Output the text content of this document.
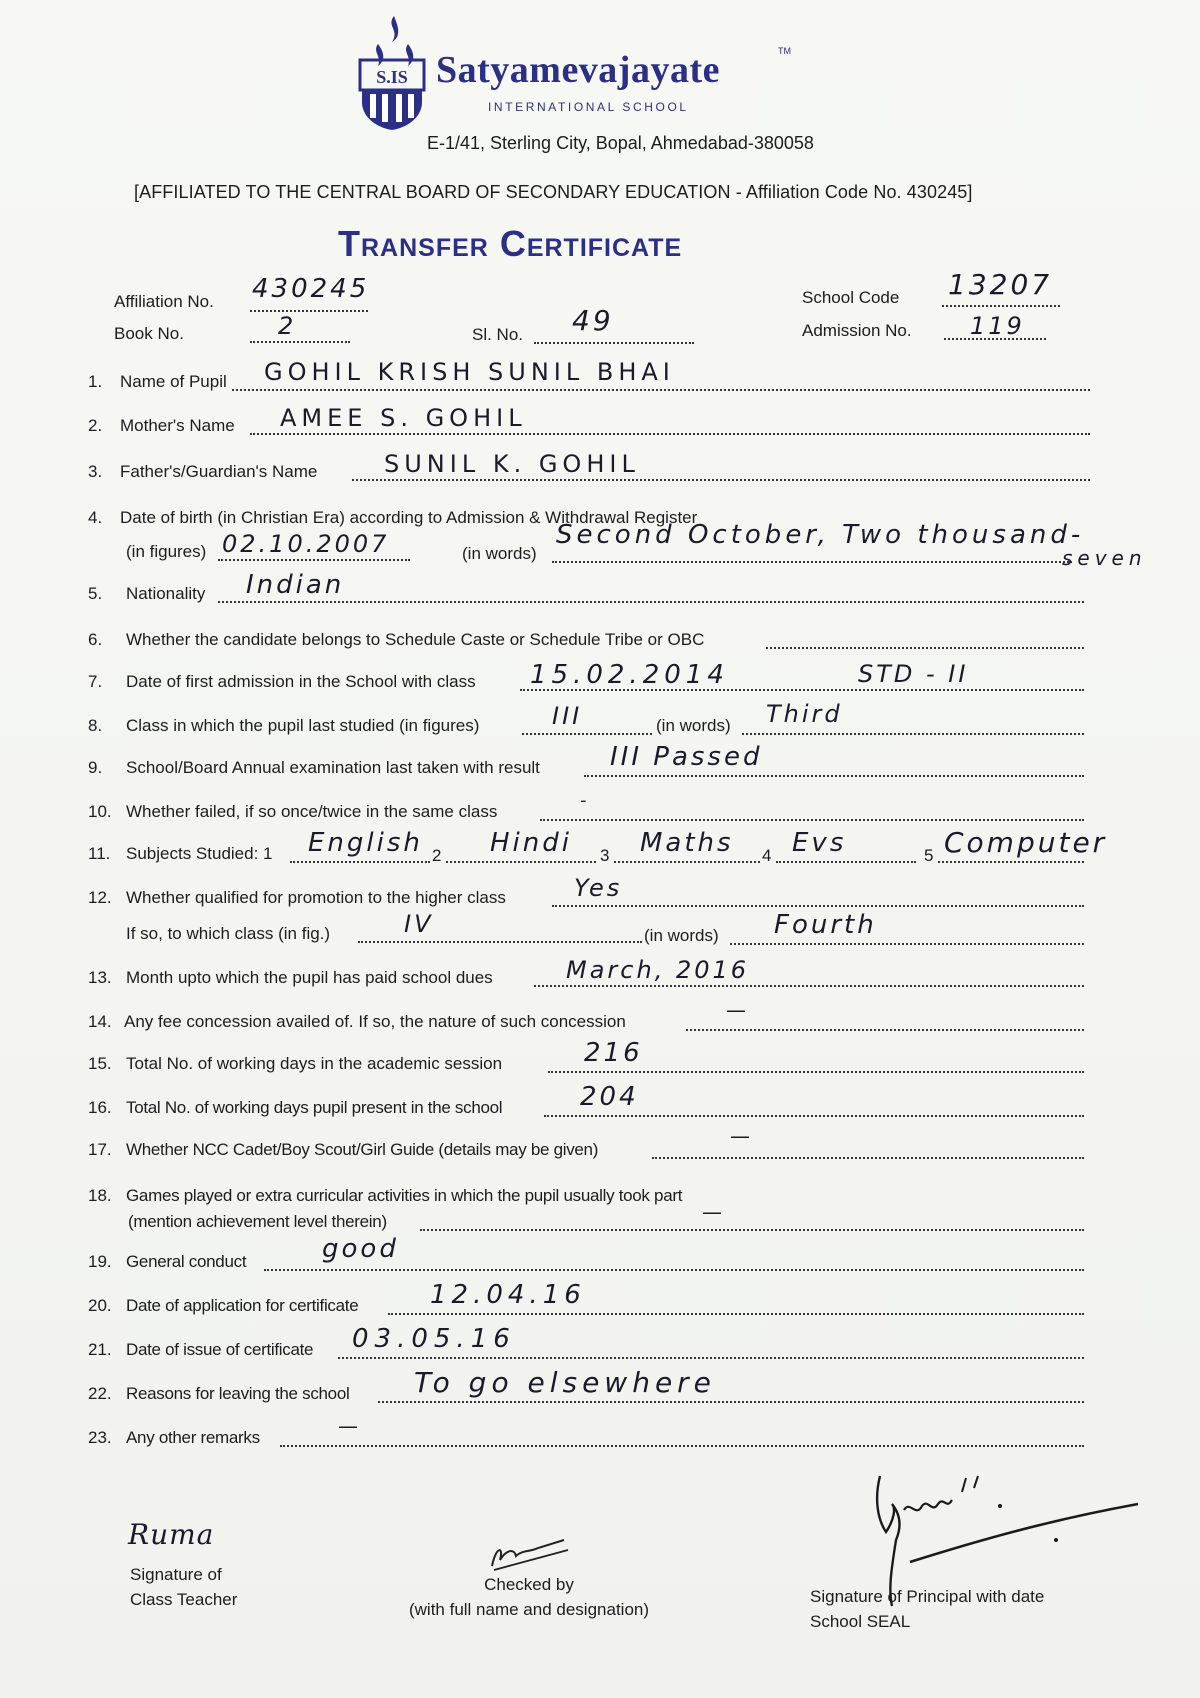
S.IS Satyamevajayate	TM
INTERNATIONAL SCHOOL
E-1/41, Sterling City, Bopal, Ahmedabad-380058
[AFFILIATED TO THE CENTRAL BOARD OF SECONDARY EDUCATION - Affiliation Code No. 430245]
Transfer Certificate
Affiliation No. 430245
Book No.	2	Sl. No. 49
School Code 13207
Admission No. 119
1. Name of Pupil GOHIL KRISH SUNIL BHAI
2. Mother's Name AMEE S. GOHIL
3. Father's/Guardian's Name	SUNIL K. GOHIL
4. Date of birth (in Christian Era) according to Admission & Withdrawal Register
(in figures) 02.10.2007	(in words)
Second October, Two thousand-
seven
5. Nationality Indian
6. Whether the candidate belongs to Schedule Caste or Schedule Tribe or OBC
7. Date of first admission in the School with class 15.02.2014	STD - II
8. Class in which the pupil last studied (in figures)	III	(in words) Third
9. School/Board Annual examination last taken with result	III Passed
10. Whether failed, if so once/twice in the same class
-
11. Subjects Studied: 1 English 2 Hindi 3 Maths 4 Evs	5 Computer
12. Whether qualified for promotion to the higher class	Yes
If so, to which class (in fig.)	IV	(in words) Fourth
13. Month upto which the pupil has paid school dues	March, 2016
14. Any fee concession availed of. If so, the nature of such concession	—
15. Total No. of working days in the academic session	216
16. Total No. of working days pupil present in the school	204
17. Whether NCC Cadet/Boy Scout/Girl Guide (details may be given)
—
18. Games played or extra curricular activities in which the pupil usually took part
(mention achievement level therein)	—
19. General conduct	good
20. Date of application for certificate	12.04.16
21. Date of issue of certificate 03.05.16
22. Reasons for leaving the school To go elsewhere
23. Any other remarks	—
Ruma
Signature of
Class Teacher
Checked by
(with full name and designation)
Signature of Principal with date
School SEAL
